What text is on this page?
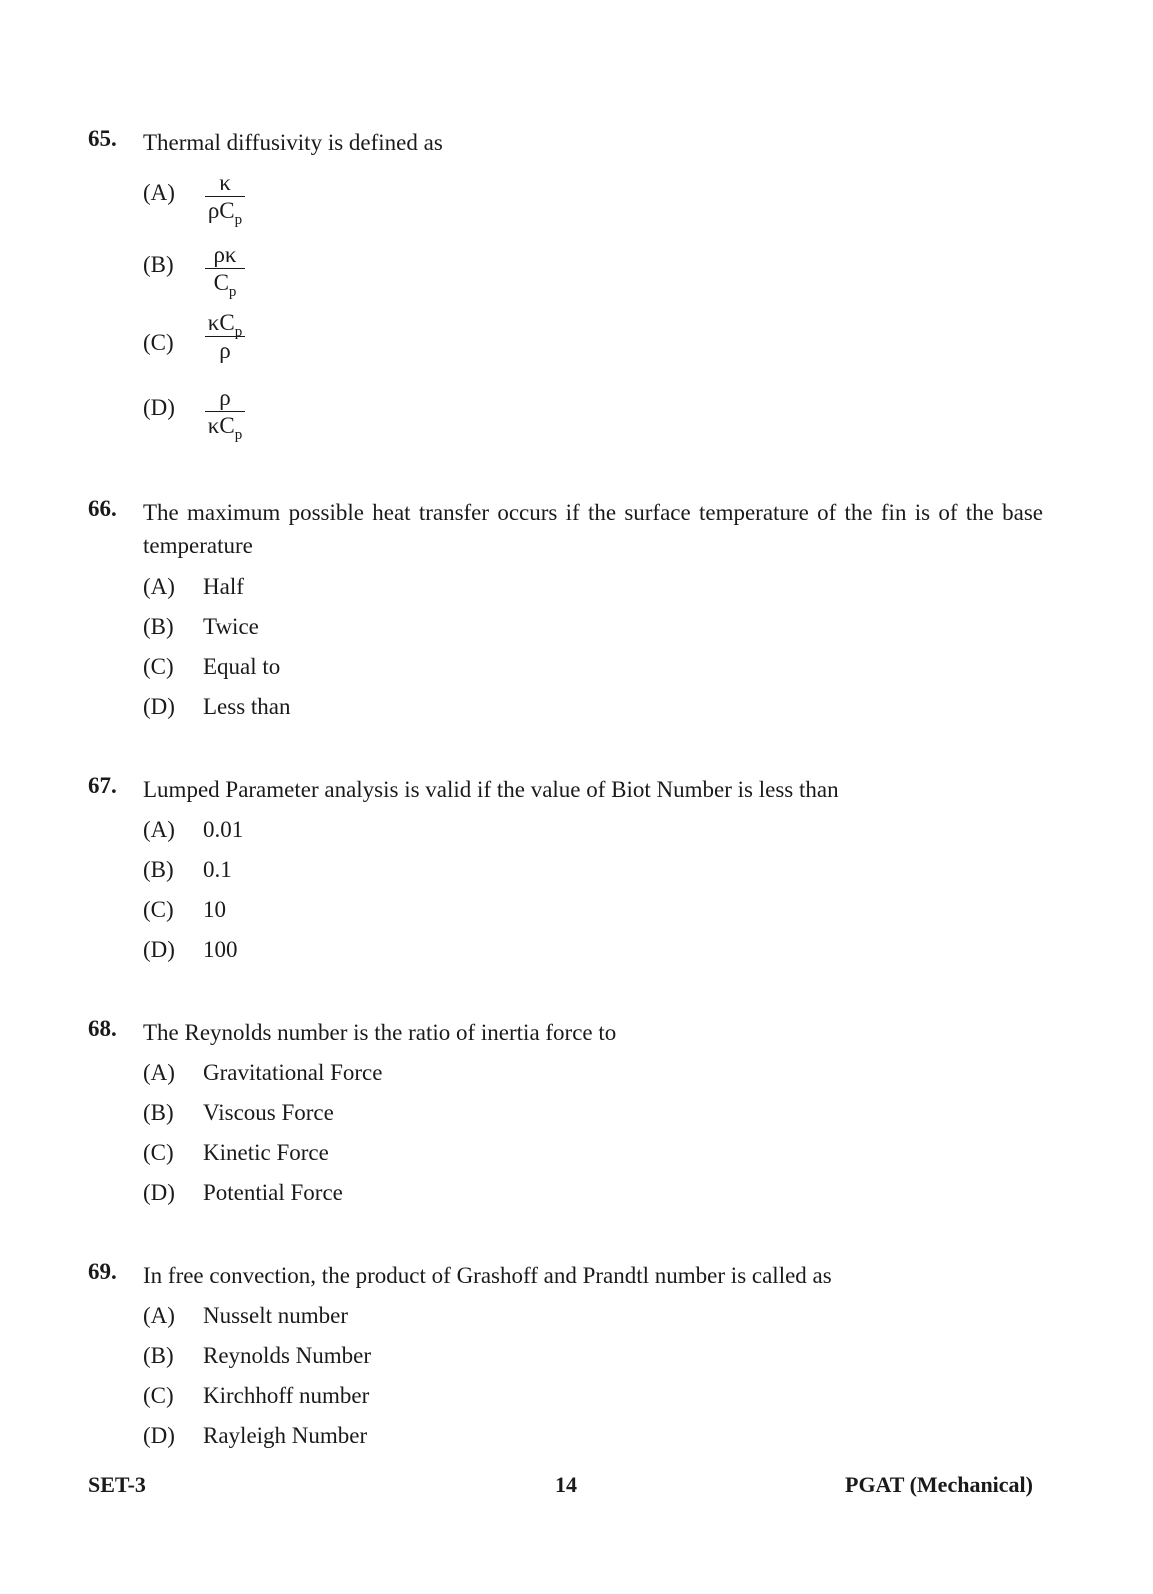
65. Thermal diffusivity is defined as
(A)	κ
$\rho C_p$
(B)	ρκ
$C_p$
(C)
$\kappa C_p$
ρ
(D)	ρ
$\kappa C_p$
66. The maximum possible heat transfer occurs if the surface temperature of the fin is of the base temperature
(A) Half
(B) Twice
(C) Equal to
(D) Less than
67. Lumped Parameter analysis is valid if the value of Biot Number is less than
(A) 0.01
(B) 0.1
(C) 10
(D) 100
68. The Reynolds number is the ratio of inertia force to
(A) Gravitational Force
(B) Viscous Force
(C) Kinetic Force
(D) Potential Force
69. In free convection, the product of Grashoff and Prandtl number is called as
(A) Nusselt number
(B) Reynolds Number
(C) Kirchhoff number
(D) Rayleigh Number
SET-3	14	PGAT (Mechanical)
